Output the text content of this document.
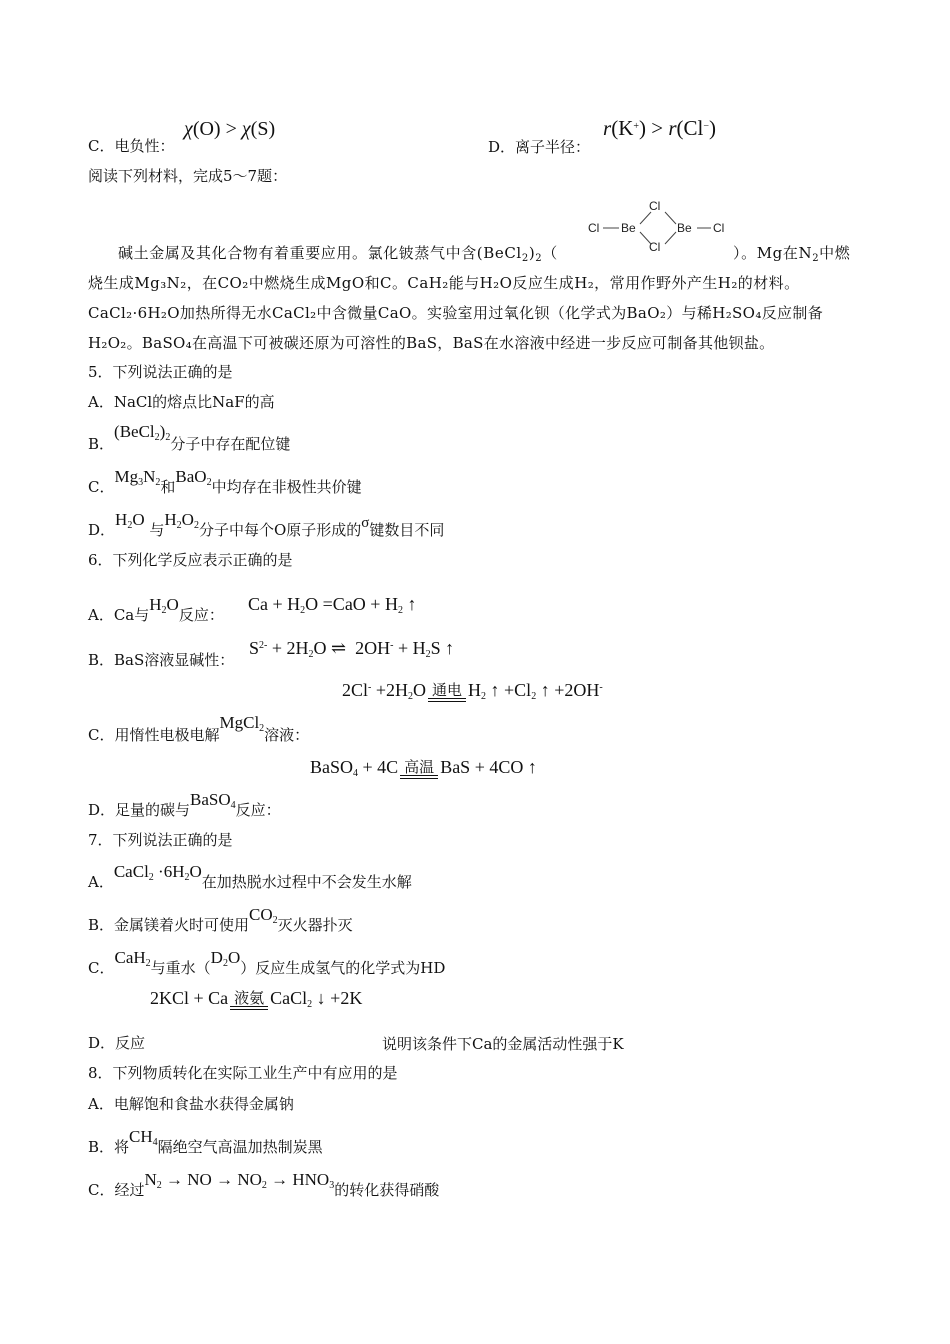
C．电负性：
χ(O) > χ(S)
D．离子半径：
r(K+) > r(Cl−)
阅读下列材料，完成5～7题：
碱土金属及其化合物有着重要应用。氯化铍蒸气中含$(BeCl_2)_2$（
Cl Be
Cl
Cl
Be Cl
）。Mg在$N_2$中燃
烧生成Mg₃N₂，在CO₂中燃烧生成MgO和C。CaH₂能与H₂O反应生成H₂，常用作野外产生H₂的材料。
CaCl₂·6H₂O加热所得无水CaCl₂中含微量CaO。实验室用过氧化钡（化学式为BaO₂）与稀H₂SO₄反应制备
H₂O₂。BaSO₄在高温下可被碳还原为可溶性的BaS，BaS在水溶液中经进一步反应可制备其他钡盐。
5．下列说法正确的是
A．NaCl的熔点比NaF的高
B．$(BeCl_2)_2$分子中存在配位键
C．$Mg_3N_2$和BaO$_2$中均存在非极性共价键
D．$H_2O$ 与$H_2O_2$分子中每个O原子形成的σ键数目不同
6．下列化学反应表示正确的是
A．Ca与$H_2O$反应：
$Ca + H_2O =CaO + H_2$ ↑
B．BaS溶液显碱性：
$S^{2-} + 2H_2O$ ⇌  $2OH^- + H_2S$ ↑
C．用惰性电极电解MgCl$_2$溶液：
$2Cl^- +2H_2O$ 通电 $H_2$ ↑ $+Cl_2$ ↑ +2OH-
D．足量的碳与BaSO$_4$反应：
BaSO$_4$ + 4C 高温 BaS + 4CO ↑
7．下列说法正确的是
A．CaCl$_2$ $\cdot 6H_2O$在加热脱水过程中不会发生水解
B．金属镁着火时可使用$CO_2$灭火器扑灭
C．CaH$_2$与重水$(D_2O)$反应生成氢气的化学式为HD
D．反应
2KCl + Ca 液氨 CaCl$_2$ ↓ +2K
说明该条件下Ca的金属活动性强于K
8．下列物质转化在实际工业生产中有应用的是
A．电解饱和食盐水获得金属钠
B．将$CH_4$隔绝空气高温加热制炭黑
C．经过$N_2$ → NO → $NO_2 \to HNO_3$的转化获得硝酸
